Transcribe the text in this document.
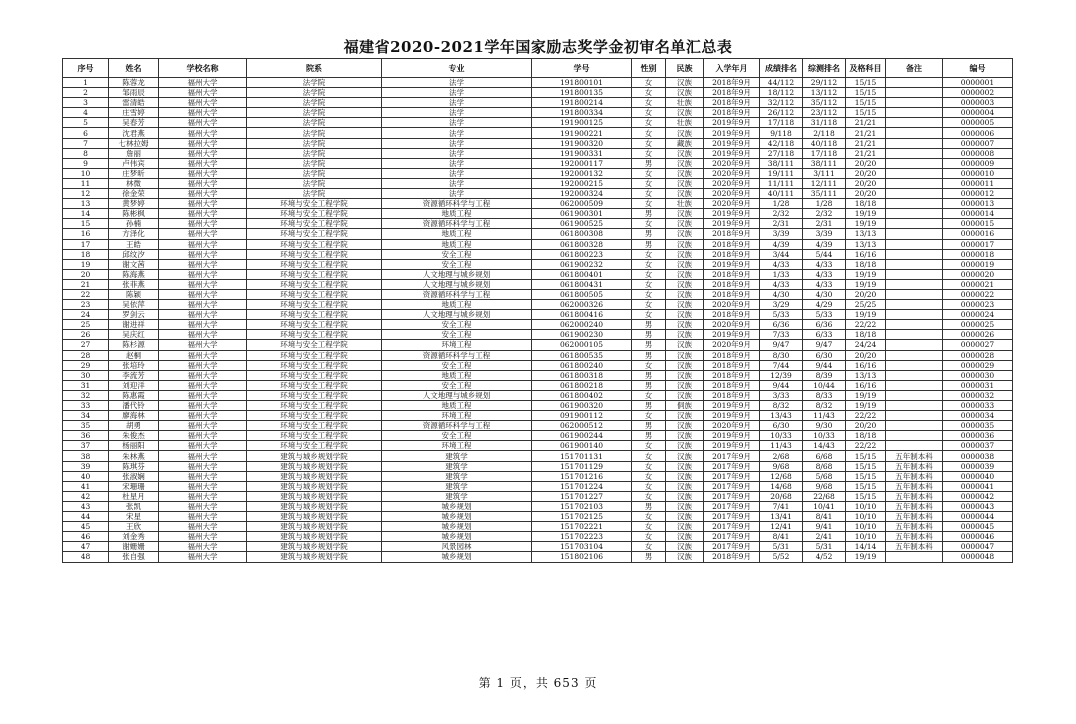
福建省2020-2021学年国家励志奖学金初审名单汇总表
序号	姓名	学校名称	院系	专业	学号	性别	民族	入学年月	成绩排名	综测排名	及格科目	备注	编号
1	陈蓉龙	福州大学	法学院	法学	191800101	女	汉族	2018年9月	44/112	29/112	15/15		0000001
2	邹雨辰	福州大学	法学院	法学	191800135	女	汉族	2018年9月	18/112	13/112	15/15		0000002
3	雷清皓	福州大学	法学院	法学	191800214	女	壮族	2018年9月	32/112	35/112	15/15		0000003
4	庄雪婷	福州大学	法学院	法学	191800334	女	汉族	2018年9月	26/112	23/112	15/15		0000004
5	吴春芳	福州大学	法学院	法学	191900125	女	壮族	2019年9月	17/118	31/118	21/21		0000005
6	沈君燕	福州大学	法学院	法学	191900221	女	汉族	2019年9月	9/118	2/118	21/21		0000006
7	七林拉姆	福州大学	法学院	法学	191900320	女	藏族	2019年9月	42/118	40/118	21/21		0000007
8	詹丽	福州大学	法学院	法学	191900331	女	汉族	2019年9月	27/118	17/118	21/21		0000008
9	卢伟宾	福州大学	法学院	法学	192000117	男	汉族	2020年9月	38/111	38/111	20/20		0000009
10	庄梦昕	福州大学	法学院	法学	192000132	女	汉族	2020年9月	19/111	3/111	20/20		0000010
11	林微	福州大学	法学院	法学	192000215	女	汉族	2020年9月	11/111	12/111	20/20		0000011
12	徐金荣	福州大学	法学院	法学	192000324	女	汉族	2020年9月	40/111	35/111	20/20		0000012
13	黄梦婷	福州大学	环境与安全工程学院	资源循环科学与工程	062000509	女	壮族	2020年9月	1/28	1/28	18/18		0000013
14	陈彬枫	福州大学	环境与安全工程学院	地质工程	061900301	男	汉族	2019年9月	2/32	2/32	19/19		0000014
15	孙楠	福州大学	环境与安全工程学院	资源循环科学与工程	061900525	女	汉族	2019年9月	2/31	2/31	19/19		0000015
16	方泽化	福州大学	环境与安全工程学院	地质工程	061800308	男	汉族	2018年9月	3/39	3/39	13/13		0000016
17	王皓	福州大学	环境与安全工程学院	地质工程	061800328	男	汉族	2018年9月	4/39	4/39	13/13		0000017
18	邱纹汐	福州大学	环境与安全工程学院	安全工程	061800223	女	汉族	2018年9月	3/44	5/44	16/16		0000018
19	谢文茜	福州大学	环境与安全工程学院	安全工程	061900232	女	汉族	2019年9月	4/33	4/33	18/18		0000019
20	陈海燕	福州大学	环境与安全工程学院	人文地理与城乡规划	061800401	女	汉族	2018年9月	1/33	4/33	19/19		0000020
21	张菲燕	福州大学	环境与安全工程学院	人文地理与城乡规划	061800431	女	汉族	2018年9月	4/33	4/33	19/19		0000021
22	陈颖	福州大学	环境与安全工程学院	资源循环科学与工程	061800505	女	汉族	2018年9月	4/30	4/30	20/20		0000022
23	吴依萍	福州大学	环境与安全工程学院	地质工程	062000326	女	汉族	2020年9月	3/29	4/29	25/25		0000023
24	罗剑云	福州大学	环境与安全工程学院	人文地理与城乡规划	061800416	女	汉族	2018年9月	5/33	5/33	19/19		0000024
25	谢进祥	福州大学	环境与安全工程学院	安全工程	062000240	男	汉族	2020年9月	6/36	6/36	22/22		0000025
26	吴庆红	福州大学	环境与安全工程学院	安全工程	061900230	男	汉族	2019年9月	7/33	6/33	18/18		0000026
27	陈杉源	福州大学	环境与安全工程学院	环境工程	062000105	男	汉族	2020年9月	9/47	9/47	24/24		0000027
28	赵桐	福州大学	环境与安全工程学院	资源循环科学与工程	061800535	男	汉族	2018年9月	8/30	6/30	20/20		0000028
29	张培玲	福州大学	环境与安全工程学院	安全工程	061800240	女	汉族	2018年9月	7/44	9/44	16/16		0000029
30	李流芳	福州大学	环境与安全工程学院	地质工程	061800318	男	汉族	2018年9月	12/39	8/39	13/13		0000030
31	刘迎洋	福州大学	环境与安全工程学院	安全工程	061800218	男	汉族	2018年9月	9/44	10/44	16/16		0000031
32	陈惠霞	福州大学	环境与安全工程学院	人文地理与城乡规划	061800402	女	汉族	2018年9月	3/33	8/33	19/19		0000032
33	潘代铃	福州大学	环境与安全工程学院	地质工程	061900320	男	侗族	2019年9月	8/32	8/32	19/19		0000033
34	廖海林	福州大学	环境与安全工程学院	环境工程	091900112	女	汉族	2019年9月	13/43	11/43	22/22		0000034
35	胡勇	福州大学	环境与安全工程学院	资源循环科学与工程	062000512	男	汉族	2020年9月	6/30	9/30	20/20		0000035
36	朱俊杰	福州大学	环境与安全工程学院	安全工程	061900244	男	汉族	2019年9月	10/33	10/33	18/18		0000036
37	杨丽阳	福州大学	环境与安全工程学院	环境工程	061900140	女	汉族	2019年9月	11/43	14/43	22/22		0000037
38	朱林燕	福州大学	建筑与城乡规划学院	建筑学	151701131	女	汉族	2017年9月	2/68	6/68	15/15	五年制本科	0000038
39	陈琪芬	福州大学	建筑与城乡规划学院	建筑学	151701129	女	汉族	2017年9月	9/68	8/68	15/15	五年制本科	0000039
40	张淑娴	福州大学	建筑与城乡规划学院	建筑学	151701216	女	汉族	2017年9月	12/68	5/68	15/15	五年制本科	0000040
41	宋珊珊	福州大学	建筑与城乡规划学院	建筑学	151701224	女	汉族	2017年9月	14/68	9/68	15/15	五年制本科	0000041
42	杜星月	福州大学	建筑与城乡规划学院	建筑学	151701227	女	汉族	2017年9月	20/68	22/68	15/15	五年制本科	0000042
43	张凯	福州大学	建筑与城乡规划学院	城乡规划	151702103	男	汉族	2017年9月	7/41	10/41	10/10	五年制本科	0000043
44	宋星	福州大学	建筑与城乡规划学院	城乡规划	151702125	女	汉族	2017年9月	13/41	8/41	10/10	五年制本科	0000044
45	王欣	福州大学	建筑与城乡规划学院	城乡规划	151702221	女	汉族	2017年9月	12/41	9/41	10/10	五年制本科	0000045
46	刘金秀	福州大学	建筑与城乡规划学院	城乡规划	151702223	女	汉族	2017年9月	8/41	2/41	10/10	五年制本科	0000046
47	谢姗姗	福州大学	建筑与城乡规划学院	风景园林	151703104	女	汉族	2017年9月	5/31	5/31	14/14	五年制本科	0000047
48	张自强	福州大学	建筑与城乡规划学院	城乡规划	151802106	男	汉族	2018年9月	5/52	4/52	19/19		0000048
第 1 页，共 653 页
